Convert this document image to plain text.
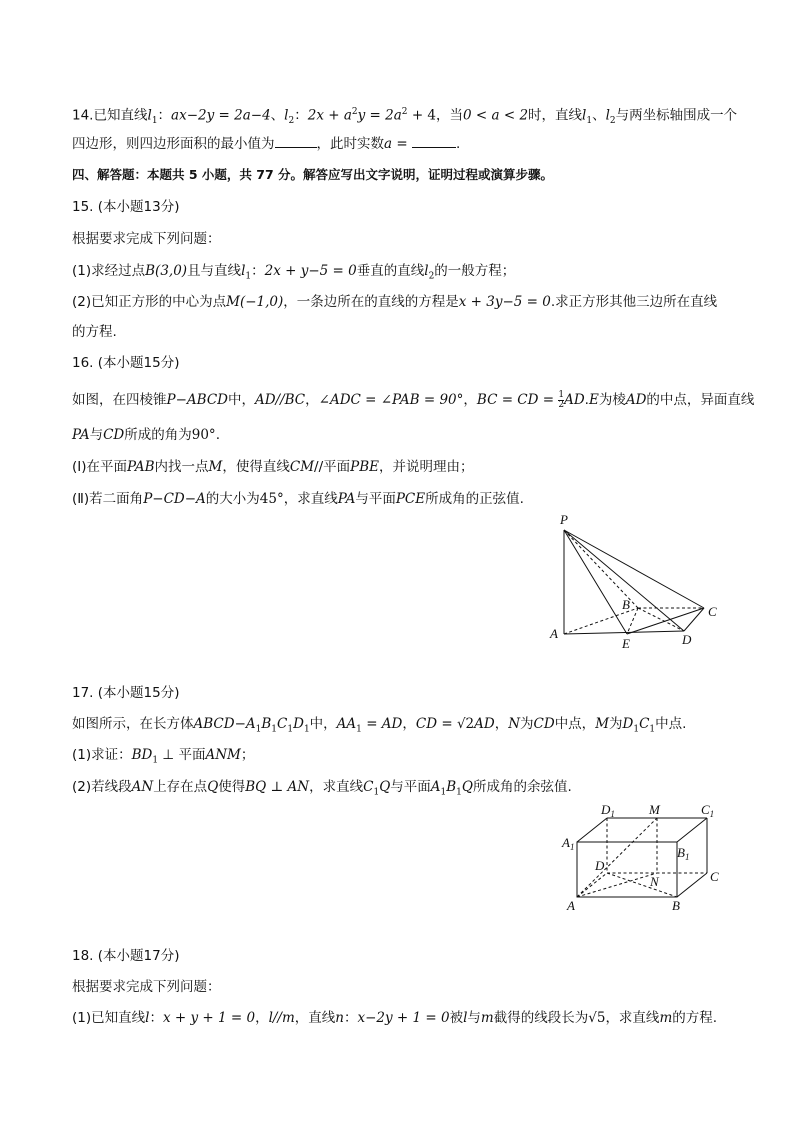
14.已知直线$l_1$：ax−2y = 2a−4、$l_2$：$2x + a^2y = 2a^2 + 4$，当0 < a < 2时，直线$l_1$、$l_2$与两坐标轴围成一个
四边形，则四边形面积的最小值为	，此时实数a =	.
四、解答题：本题共 5 小题，共 77 分。解答应写出文字说明，证明过程或演算步骤。
15. (本小题13分)
根据要求完成下列问题：
(1)求经过点B(3,0)且与直线$l_1$：2x + y−5 = 0垂直的直线$l_2$的一般方程；
(2)已知正方形的中心为点M(−1,0)，一条边所在的直线的方程是x + 3y−5 = 0.求正方形其他三边所在直线
的方程.
16. (本小题15分)
如图，在四棱锥P−ABCD中，AD//BC，∠ADC = ∠PAB = 90°，BC = CD = $\frac{1}{2} AD.E$为棱AD的中点，异面直线
PA与CD所成的角为90°.
(Ⅰ)在平面PAB内找一点M，使得直线CM//平面PBE，并说明理由；
(Ⅱ)若二面角P−CD−A的大小为45°，求直线PA与平面PCE所成角的正弦值.
P
A
B	C
D
E
17. (本小题15分)
如图所示，在长方体$ABCD-A_1B_1C_1D_1$中，$AA_1$ = AD，CD = √2AD，N为CD中点，M为$D_1C_1$中点.
(1)求证：$BD_1$ ⊥ 平面ANM；
(2)若线段AN上存在点Q使得BQ ⊥ AN，求直线$C_1Q$与平面$A_1B_1Q$所成角的余弦值.
$D_1$	M	$C_1$
$A_1$	$B_1$
D
N	C
A	B
18. (本小题17分)
根据要求完成下列问题：
(1)已知直线l：x + y + 1 = 0，l//m，直线n：x−2y + 1 = 0被l与m截得的线段长为√5，求直线m的方程.
